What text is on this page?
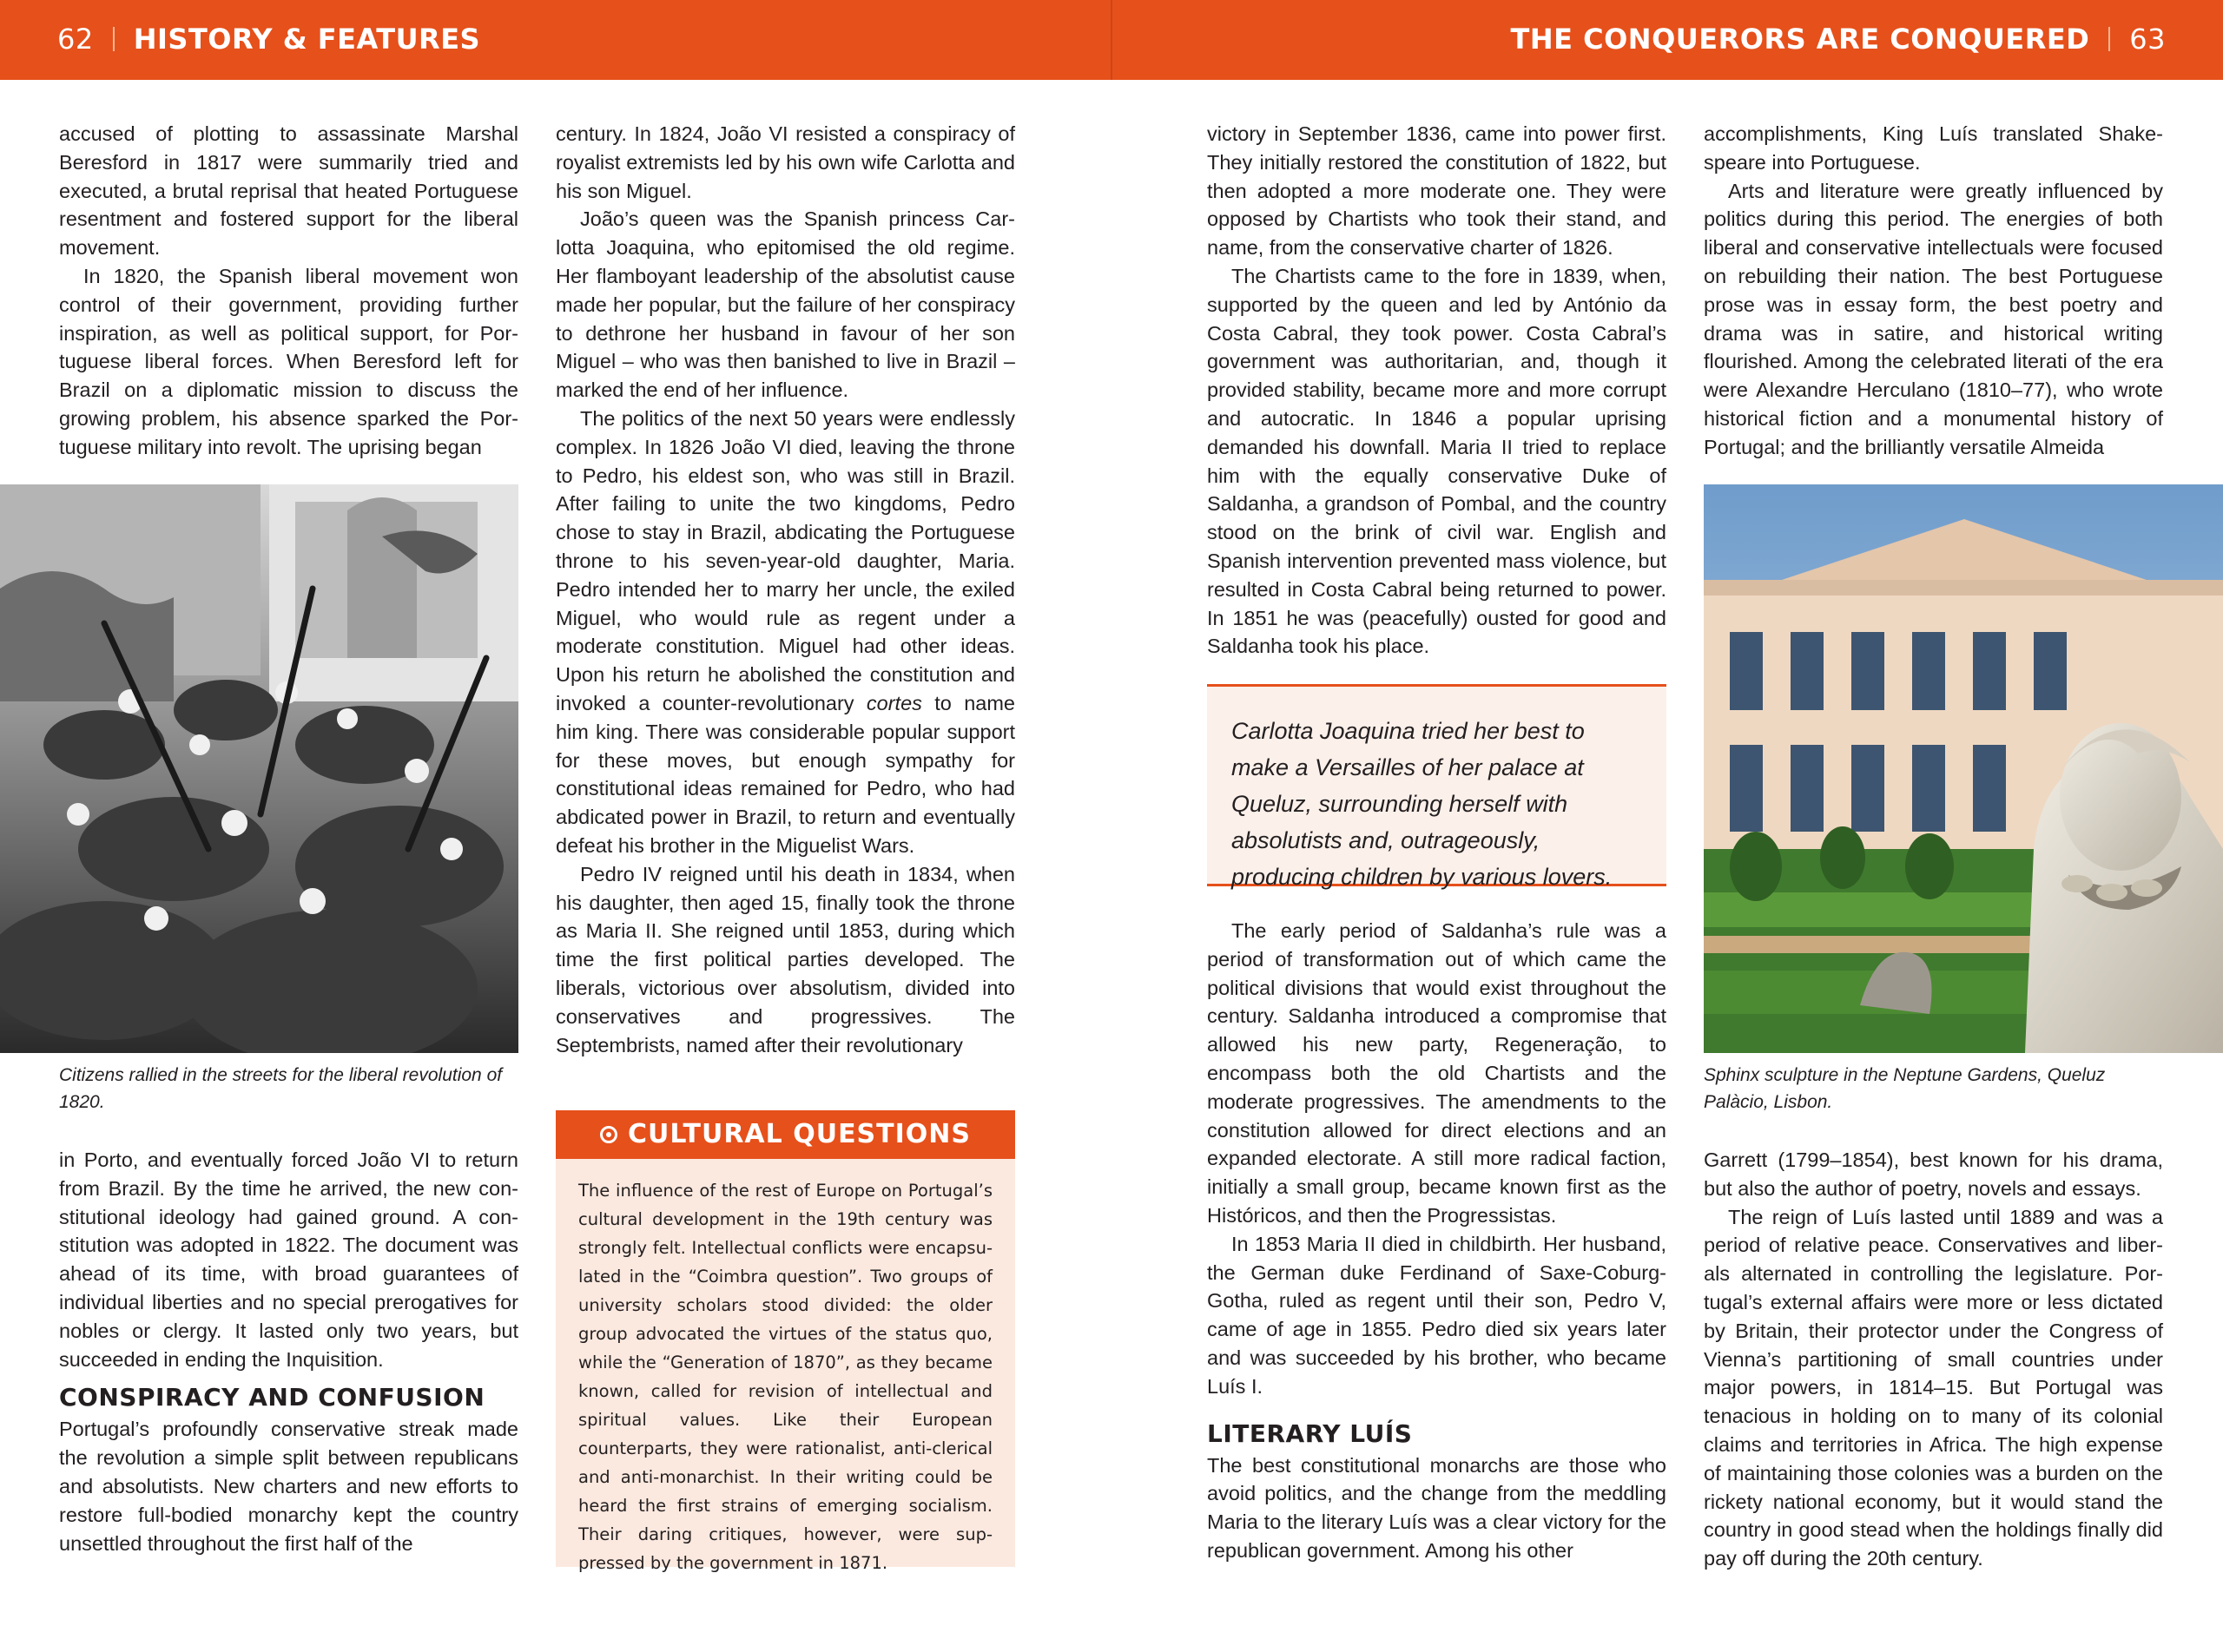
62 HISTORY & FEATURES	THE CONQUERORS ARE CONQUERED 63

accused of plotting to assassinate Marshal Beresford in 1817 were summarily tried and executed, a brutal reprisal that heated Portuguese resentment and fostered support for the liberal movement.

In 1820, the Spanish liberal movement won control of their government, providing further inspiration, as well as political support, for Portuguese liberal forces. When Beresford left for Brazil on a diplomatic mission to discuss the growing problem, his absence sparked the Portuguese military into revolt. The uprising began

Citizens rallied in the streets for the liberal revolution of 1820.

in Porto, and eventually forced João VI to return from Brazil. By the time he arrived, the new constitutional ideology had gained ground. A constitution was adopted in 1822. The document was ahead of its time, with broad guarantees of individual liberties and no special prerogatives for nobles or clergy. It lasted only two years, but succeeded in ending the Inquisition.

CONSPIRACY AND CONFUSION

Portugal’s profoundly conservative streak made the revolution a simple split between republicans and absolutists. New charters and new efforts to restore full-bodied monarchy kept the country unsettled throughout the first half of the

century. In 1824, João VI resisted a conspiracy of royalist extremists led by his own wife Carlotta and his son Miguel.

João’s queen was the Spanish princess Carlotta Joaquina, who epitomised the old regime. Her flamboyant leadership of the absolutist cause made her popular, but the failure of her conspiracy to dethrone her husband in favour of her son Miguel – who was then banished to live in Brazil – marked the end of her influence.

The politics of the next 50 years were endlessly complex. In 1826 João VI died, leaving the throne to Pedro, his eldest son, who was still in Brazil. After failing to unite the two kingdoms, Pedro chose to stay in Brazil, abdicating the Portuguese throne to his seven-year-old daughter, Maria. Pedro intended her to marry her uncle, the exiled Miguel, who would rule as regent under a moderate constitution. Miguel had other ideas. Upon his return he abolished the constitution and invoked a counter-revolutionary cortes to name him king. There was considerable popular support for these moves, but enough sympathy for constitutional ideas remained for Pedro, who had abdicated power in Brazil, to return and eventually defeat his brother in the Miguelist Wars.

Pedro IV reigned until his death in 1834, when his daughter, then aged 15, finally took the throne as Maria II. She reigned until 1853, during which time the first political parties developed. The liberals, victorious over absolutism, divided into conservatives and progressives. The Septembrists, named after their revolutionary

CULTURAL QUESTIONS
The influence of the rest of Europe on Portugal’s cultural development in the 19th century was strongly felt. Intellectual conflicts were encapsulated in the “Coimbra question”. Two groups of university scholars stood divided: the older group advocated the virtues of the status quo, while the “Generation of 1870”, as they became known, called for revision of intellectual and spiritual values. Like their European counterparts, they were rationalist, anti-clerical and anti-monarchist. In their writing could be heard the first strains of emerging socialism. Their daring critiques, however, were suppressed by the government in 1871.

victory in September 1836, came into power first. They initially restored the constitution of 1822, but then adopted a more moderate one. They were opposed by Chartists who took their stand, and name, from the conservative charter of 1826.

The Chartists came to the fore in 1839, when, supported by the queen and led by António da Costa Cabral, they took power. Costa Cabral’s government was authoritarian, and, though it provided stability, became more and more corrupt and autocratic. In 1846 a popular uprising demanded his downfall. Maria II tried to replace him with the equally conservative Duke of Saldanha, a grandson of Pombal, and the country stood on the brink of civil war. English and Spanish intervention prevented mass violence, but resulted in Costa Cabral being returned to power. In 1851 he was (peacefully) ousted for good and Saldanha took his place.

Carlotta Joaquina tried her best to make a Versailles of her palace at Queluz, surrounding herself with absolutists and, outrageously, producing children by various lovers.

The early period of Saldanha’s rule was a period of transformation out of which came the political divisions that would exist throughout the century. Saldanha introduced a compromise that allowed his new party, Regeneração, to encompass both the old Chartists and the moderate progressives. The amendments to the constitution allowed for direct elections and an expanded electorate. A still more radical faction, initially a small group, became known first as the Históricos, and then the Progressistas.

In 1853 Maria II died in childbirth. Her husband, the German duke Ferdinand of Saxe-Coburg-Gotha, ruled as regent until their son, Pedro V, came of age in 1855. Pedro died six years later and was succeeded by his brother, who became Luís I.

LITERARY LUÍS

The best constitutional monarchs are those who avoid politics, and the change from the meddling Maria to the literary Luís was a clear victory for the republican government. Among his other

accomplishments, King Luís translated Shakespeare into Portuguese.

Arts and literature were greatly influenced by politics during this period. The energies of both liberal and conservative intellectuals were focused on rebuilding their nation. The best Portuguese prose was in essay form, the best poetry and drama was in satire, and historical writing flourished. Among the celebrated literati of the era were Alexandre Herculano (1810–77), who wrote historical fiction and a monumental history of Portugal; and the brilliantly versatile Almeida

Sphinx sculpture in the Neptune Gardens, Queluz Palàcio, Lisbon.

Garrett (1799–1854), best known for his drama, but also the author of poetry, novels and essays.

The reign of Luís lasted until 1889 and was a period of relative peace. Conservatives and liberals alternated in controlling the legislature. Portugal’s external affairs were more or less dictated by Britain, their protector under the Congress of Vienna’s partitioning of small countries under major powers, in 1814–15. But Portugal was tenacious in holding on to many of its colonial claims and territories in Africa. The high expense of maintaining those colonies was a burden on the rickety national economy, but it would stand the country in good stead when the holdings finally did pay off during the 20th century.
